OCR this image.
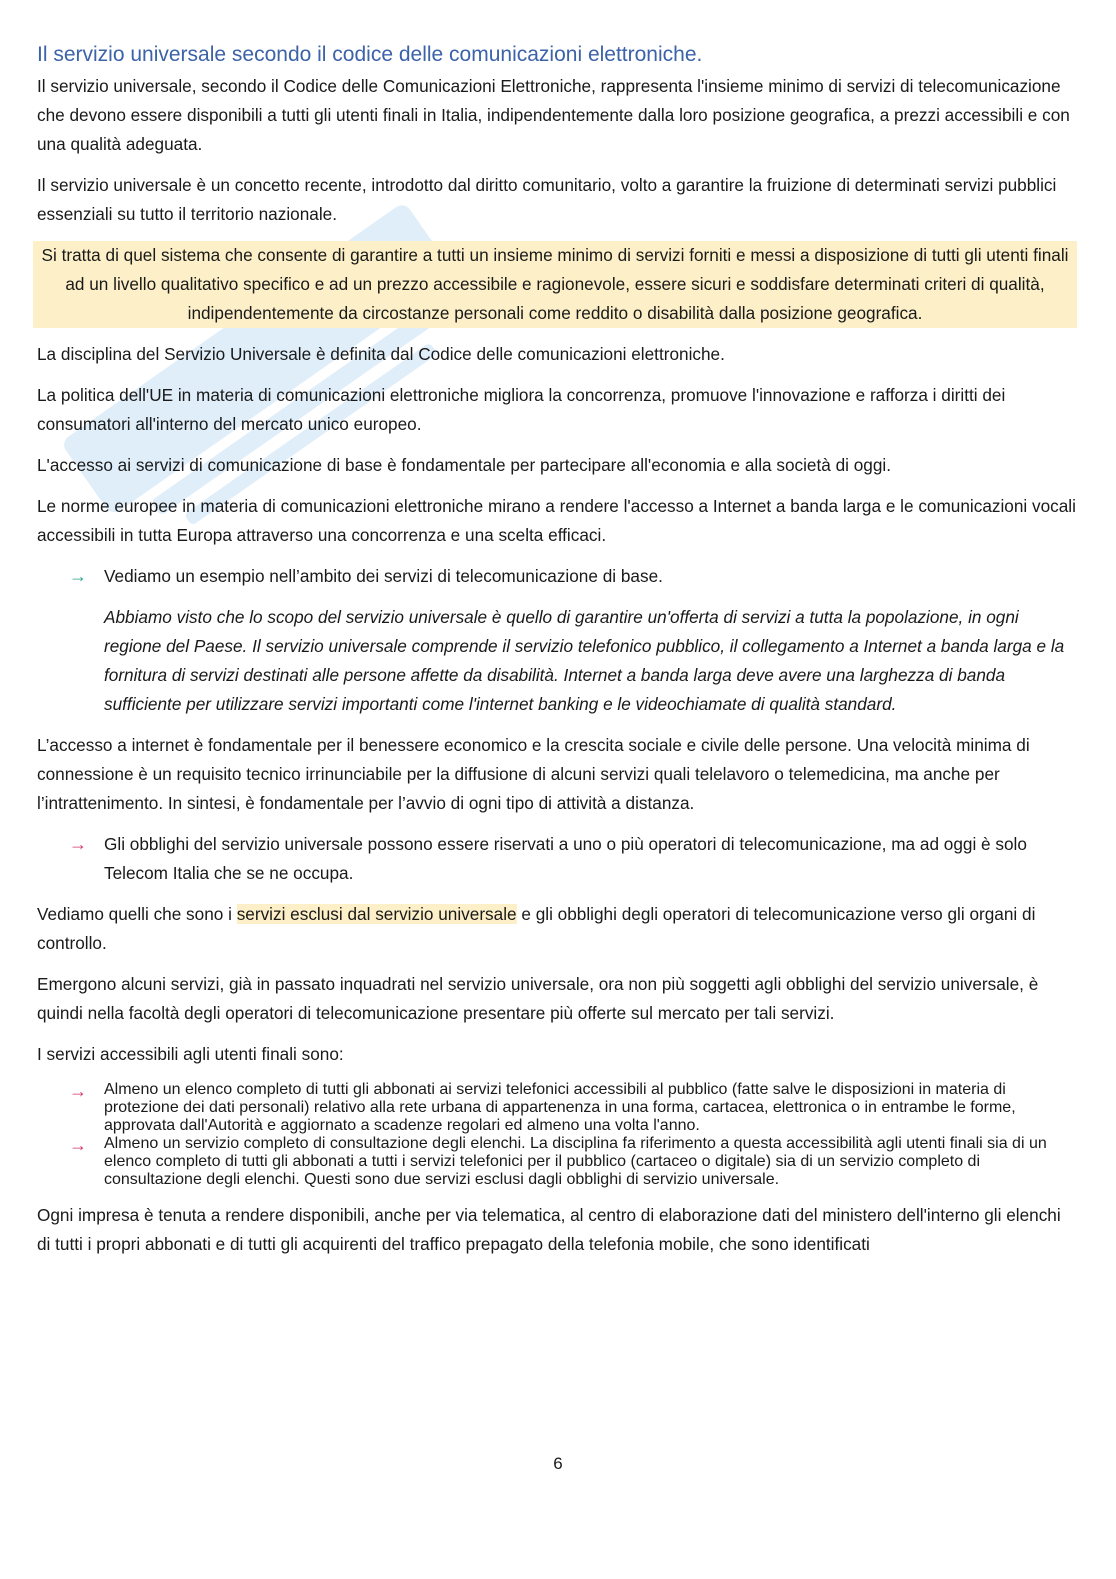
Il servizio universale secondo il codice delle comunicazioni elettroniche.

Il servizio universale, secondo il Codice delle Comunicazioni Elettroniche, rappresenta l'insieme minimo di servizi di telecomunicazione che devono essere disponibili a tutti gli utenti finali in Italia, indipendentemente dalla loro posizione geografica, a prezzi accessibili e con una qualità adeguata.

Il servizio universale è un concetto recente, introdotto dal diritto comunitario, volto a garantire la fruizione di determinati servizi pubblici essenziali su tutto il territorio nazionale.

Si tratta di quel sistema che consente di garantire a tutti un insieme minimo di servizi forniti e messi a disposizione di tutti gli utenti finali ad un livello qualitativo specifico e ad un prezzo accessibile e ragionevole, essere sicuri e soddisfare determinati criteri di qualità, indipendentemente da circostanze personali come reddito o disabilità dalla posizione geografica.

La disciplina del Servizio Universale è definita dal Codice delle comunicazioni elettroniche.

La politica dell'UE in materia di comunicazioni elettroniche migliora la concorrenza, promuove l'innovazione e rafforza i diritti dei consumatori all'interno del mercato unico europeo.

L'accesso ai servizi di comunicazione di base è fondamentale per partecipare all'economia e alla società di oggi.

Le norme europee in materia di comunicazioni elettroniche mirano a rendere l'accesso a Internet a banda larga e le comunicazioni vocali accessibili in tutta Europa attraverso una concorrenza e una scelta efficaci.

→ Vediamo un esempio nell’ambito dei servizi di telecomunicazione di base.

Abbiamo visto che lo scopo del servizio universale è quello di garantire un'offerta di servizi a tutta la popolazione, in ogni regione del Paese. Il servizio universale comprende il servizio telefonico pubblico, il collegamento a Internet a banda larga e la fornitura di servizi destinati alle persone affette da disabilità. Internet a banda larga deve avere una larghezza di banda sufficiente per utilizzare servizi importanti come l'internet banking e le videochiamate di qualità standard.

L’accesso a internet è fondamentale per il benessere economico e la crescita sociale e civile delle persone. Una velocità minima di connessione è un requisito tecnico irrinunciabile per la diffusione di alcuni servizi quali telelavoro o telemedicina, ma anche per l’intrattenimento. In sintesi, è fondamentale per l’avvio di ogni tipo di attività a distanza.

→ Gli obblighi del servizio universale possono essere riservati a uno o più operatori di telecomunicazione, ma ad oggi è solo Telecom Italia che se ne occupa.

Vediamo quelli che sono i servizi esclusi dal servizio universale e gli obblighi degli operatori di telecomunicazione verso gli organi di controllo.

Emergono alcuni servizi, già in passato inquadrati nel servizio universale, ora non più soggetti agli obblighi del servizio universale, è quindi nella facoltà degli operatori di telecomunicazione presentare più offerte sul mercato per tali servizi.

I servizi accessibili agli utenti finali sono:

→ Almeno un elenco completo di tutti gli abbonati ai servizi telefonici accessibili al pubblico (fatte salve le disposizioni in materia di protezione dei dati personali) relativo alla rete urbana di appartenenza in una forma, cartacea, elettronica o in entrambe le forme, approvata dall'Autorità e aggiornato a scadenze regolari ed almeno una volta l'anno.
→ Almeno un servizio completo di consultazione degli elenchi. La disciplina fa riferimento a questa accessibilità agli utenti finali sia di un elenco completo di tutti gli abbonati a tutti i servizi telefonici per il pubblico (cartaceo o digitale) sia di un servizio completo di consultazione degli elenchi. Questi sono due servizi esclusi dagli obblighi di servizio universale.

Ogni impresa è tenuta a rendere disponibili, anche per via telematica, al centro di elaborazione dati del ministero dell'interno gli elenchi di tutti i propri abbonati e di tutti gli acquirenti del traffico prepagato della telefonia mobile, che sono identificati

6
